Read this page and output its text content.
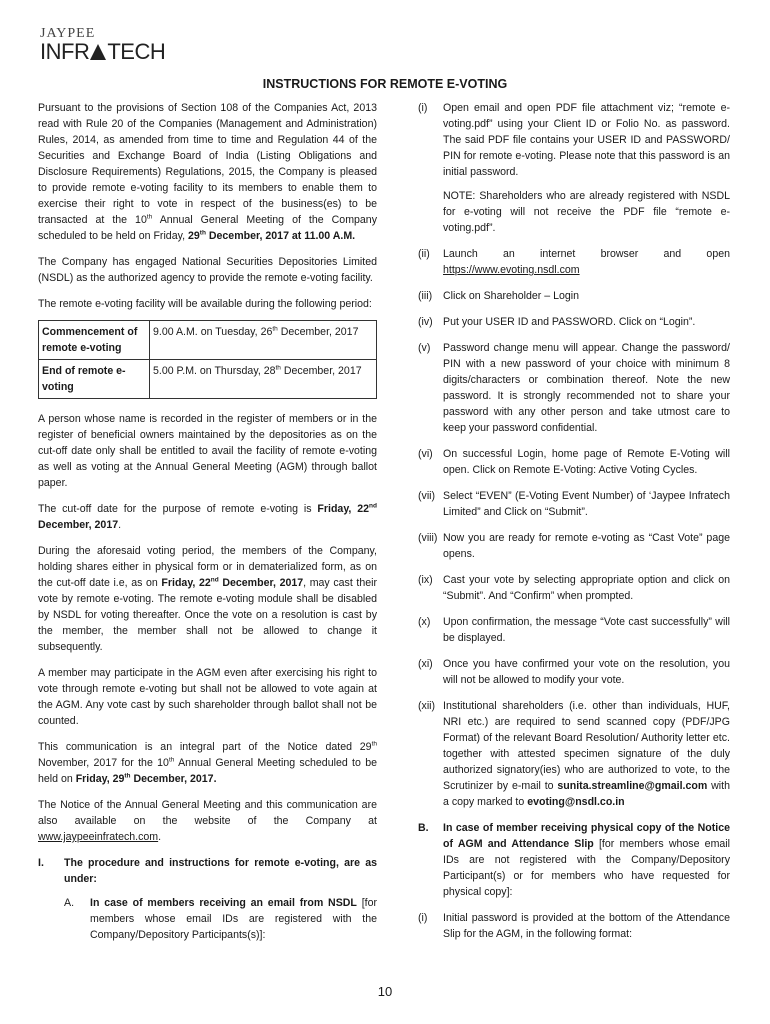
JAYPEE
INFR TECH
INSTRUCTIONS FOR REMOTE E-VOTING

Pursuant to the provisions of Section 108 of the Companies Act, 2013 read with Rule 20 of the Companies (Management and Administration) Rules, 2014, as amended from time to time and Regulation 44 of the Securities and Exchange Board of India (Listing Obligations and Disclosure Requirements) Regulations, 2015, the Company is pleased to provide remote e-voting facility to its members to enable them to exercise their right to vote in respect of the business(es) to be transacted at the 10th Annual General Meeting of the Company scheduled to be held on Friday, 29th December, 2017 at 11.00 A.M.

The Company has engaged National Securities Depositories Limited (NSDL) as the authorized agency to provide the remote e-voting facility.

The remote e-voting facility will be available during the following period:

Commencement of remote e-voting	9.00 A.M. on Tuesday, 26th December, 2017
End of remote e-voting	5.00 P.M. on Thursday, 28th December, 2017

A person whose name is recorded in the register of members or in the register of beneficial owners maintained by the depositories as on the cut-off date only shall be entitled to avail the facility of remote e-voting as well as voting at the Annual General Meeting (AGM) through ballot paper.

The cut-off date for the purpose of remote e-voting is Friday, 22nd December, 2017.

During the aforesaid voting period, the members of the Company, holding shares either in physical form or in dematerialized form, as on the cut-off date i.e, as on Friday, 22nd December, 2017, may cast their vote by remote e-voting. The remote e-voting module shall be disabled by NSDL for voting thereafter. Once the vote on a resolution is cast by the member, the member shall not be allowed to change it subsequently.

A member may participate in the AGM even after exercising his right to vote through remote e-voting but shall not be allowed to vote again at the AGM. Any vote cast by such shareholder through ballot shall not be counted.

This communication is an integral part of the Notice dated 29th November, 2017 for the 10th Annual General Meeting scheduled to be held on Friday, 29th December, 2017.

The Notice of the Annual General Meeting and this communication are also available on the website of the Company at www.jaypeeinfratech.com.

I.	The procedure and instructions for remote e-voting, are as under:
A.	In case of members receiving an email from NSDL [for members whose email IDs are registered with the Company/Depository Participants(s)]:
(i)	Open email and open PDF file attachment viz; “remote e-voting.pdf” using your Client ID or Folio No. as password. The said PDF file contains your USER ID and PASSWORD/ PIN for remote e-voting. Please note that this password is an initial password.

NOTE: Shareholders who are already registered with NSDL for e-voting will not receive the PDF file “remote e-voting.pdf”.

(ii)	Launch an internet browser and open https://www.evoting.nsdl.com
(iii)	Click on Shareholder – Login
(iv) Put your USER ID and PASSWORD. Click on “Login”.
(v)	Password change menu will appear. Change the password/ PIN with a new password of your choice with minimum 8 digits/characters or combination thereof. Note the new password. It is strongly recommended not to share your password with any other person and take utmost care to keep your password confidential.
(vi) On successful Login, home page of Remote E-Voting will open. Click on Remote E-Voting: Active Voting Cycles.
(vii) Select “EVEN” (E-Voting Event Number) of ‘Jaypee Infratech Limited” and Click on “Submit”.
(viii) Now you are ready for remote e-voting as “Cast Vote” page opens.
(ix) Cast your vote by selecting appropriate option and click on “Submit”. And “Confirm” when prompted.
(x)	Upon confirmation, the message “Vote cast successfully” will be displayed.
(xi) Once you have confirmed your vote on the resolution, you will not be allowed to modify your vote.
(xii) Institutional shareholders (i.e. other than individuals, HUF, NRI etc.) are required to send scanned copy (PDF/JPG Format) of the relevant Board Resolution/ Authority letter etc. together with attested specimen signature of the duly authorized signatory(ies) who are authorized to vote, to the Scrutinizer by e-mail to sunita.streamline@gmail.com with a copy marked to evoting@nsdl.co.in
B.	In case of member receiving physical copy of the Notice of AGM and Attendance Slip [for members whose email IDs are not registered with the Company/Depository Participant(s) or for members who have requested for physical copy]:
(i)	Initial password is provided at the bottom of the Attendance Slip for the AGM, in the following format:
10
